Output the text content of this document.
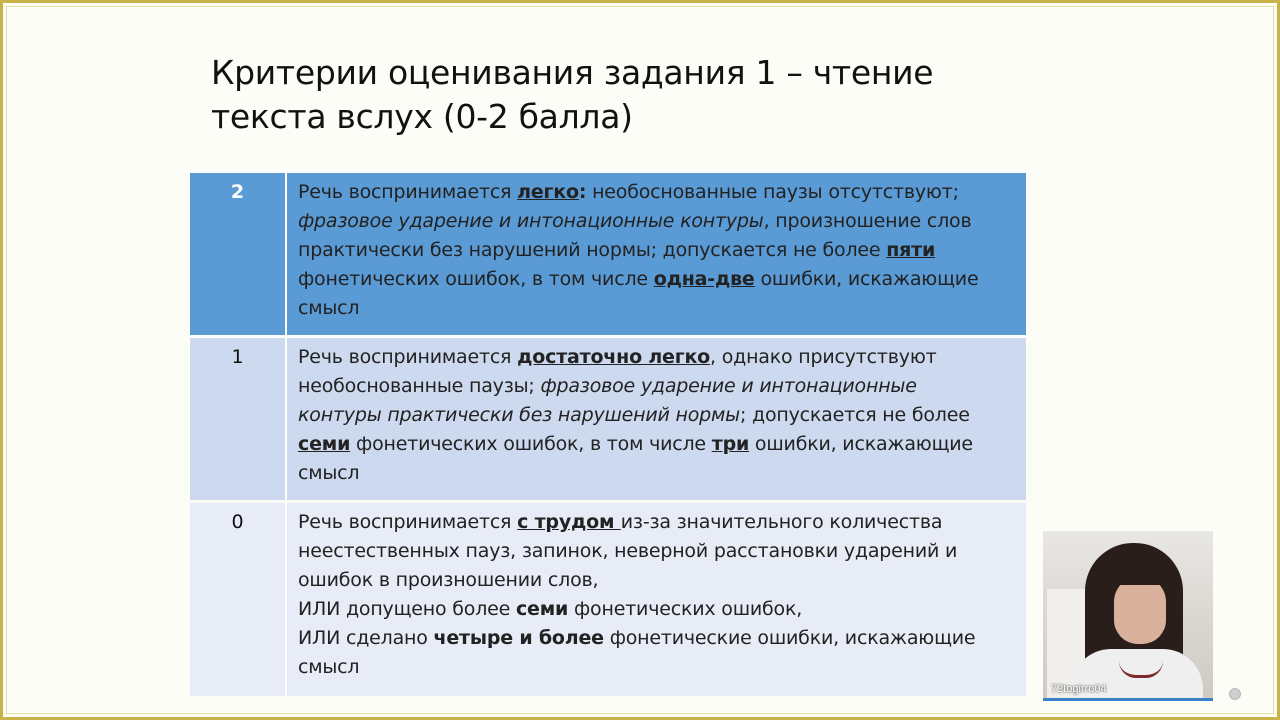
Критерии оценивания задания 1 – чтение
текста вслух (0-2 балла)
2	Речь воспринимается легко: необоснованные паузы отсутствуют;
фразовое ударение и интонационные контуры, произношение слов
практически без нарушений нормы; допускается не более пяти
фонетических ошибок, в том числе одна-две ошибки, искажающие
смысл
1	Речь воспринимается достаточно легко, однако присутствуют
необоснованные паузы; фразовое ударение и интонационные
контуры практически без нарушений нормы; допускается не более
семи фонетических ошибок, в том числе три ошибки, искажающие
смысл
0	Речь воспринимается с трудом из-за значительного количества
неестественных пауз, запинок, неверной расстановки ударений и
ошибок в произношении слов,
ИЛИ допущено более семи фонетических ошибок,
ИЛИ сделано четыре и более фонетические ошибки, искажающие
смысл
72togirro04
